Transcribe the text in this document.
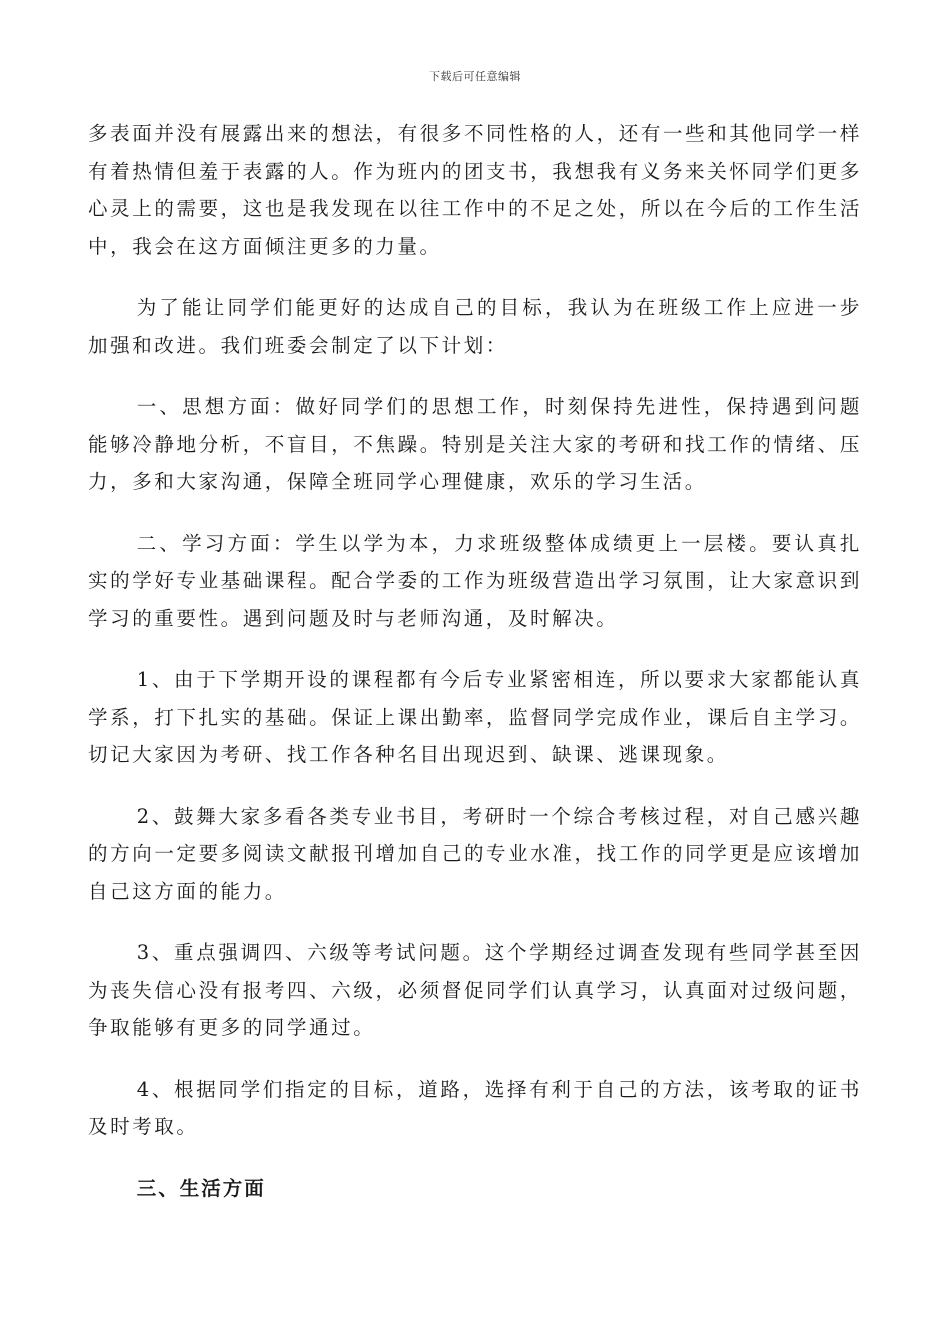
下载后可任意编辑

多表面并没有展露出来的想法，有很多不同性格的人，还有一些和其他同学一样有着热情但羞于表露的人。作为班内的团支书，我想我有义务来关怀同学们更多心灵上的需要，这也是我发现在以往工作中的不足之处，所以在今后的工作生活中，我会在这方面倾注更多的力量。

为了能让同学们能更好的达成自己的目标，我认为在班级工作上应进一步加强和改进。我们班委会制定了以下计划：

一、思想方面：做好同学们的思想工作，时刻保持先进性，保持遇到问题能够冷静地分析，不盲目，不焦躁。特别是关注大家的考研和找工作的情绪、压力，多和大家沟通，保障全班同学心理健康，欢乐的学习生活。

二、学习方面：学生以学为本，力求班级整体成绩更上一层楼。要认真扎实的学好专业基础课程。配合学委的工作为班级营造出学习氛围，让大家意识到学习的重要性。遇到问题及时与老师沟通，及时解决。

1、由于下学期开设的课程都有今后专业紧密相连，所以要求大家都能认真学系，打下扎实的基础。保证上课出勤率，监督同学完成作业，课后自主学习。切记大家因为考研、找工作各种名目出现迟到、缺课、逃课现象。

2、鼓舞大家多看各类专业书目，考研时一个综合考核过程，对自己感兴趣的方向一定要多阅读文献报刊增加自己的专业水准，找工作的同学更是应该增加自己这方面的能力。

3、重点强调四、六级等考试问题。这个学期经过调查发现有些同学甚至因为丧失信心没有报考四、六级，必须督促同学们认真学习，认真面对过级问题，争取能够有更多的同学通过。

4、根据同学们指定的目标，道路，选择有利于自己的方法，该考取的证书及时考取。

三、生活方面
